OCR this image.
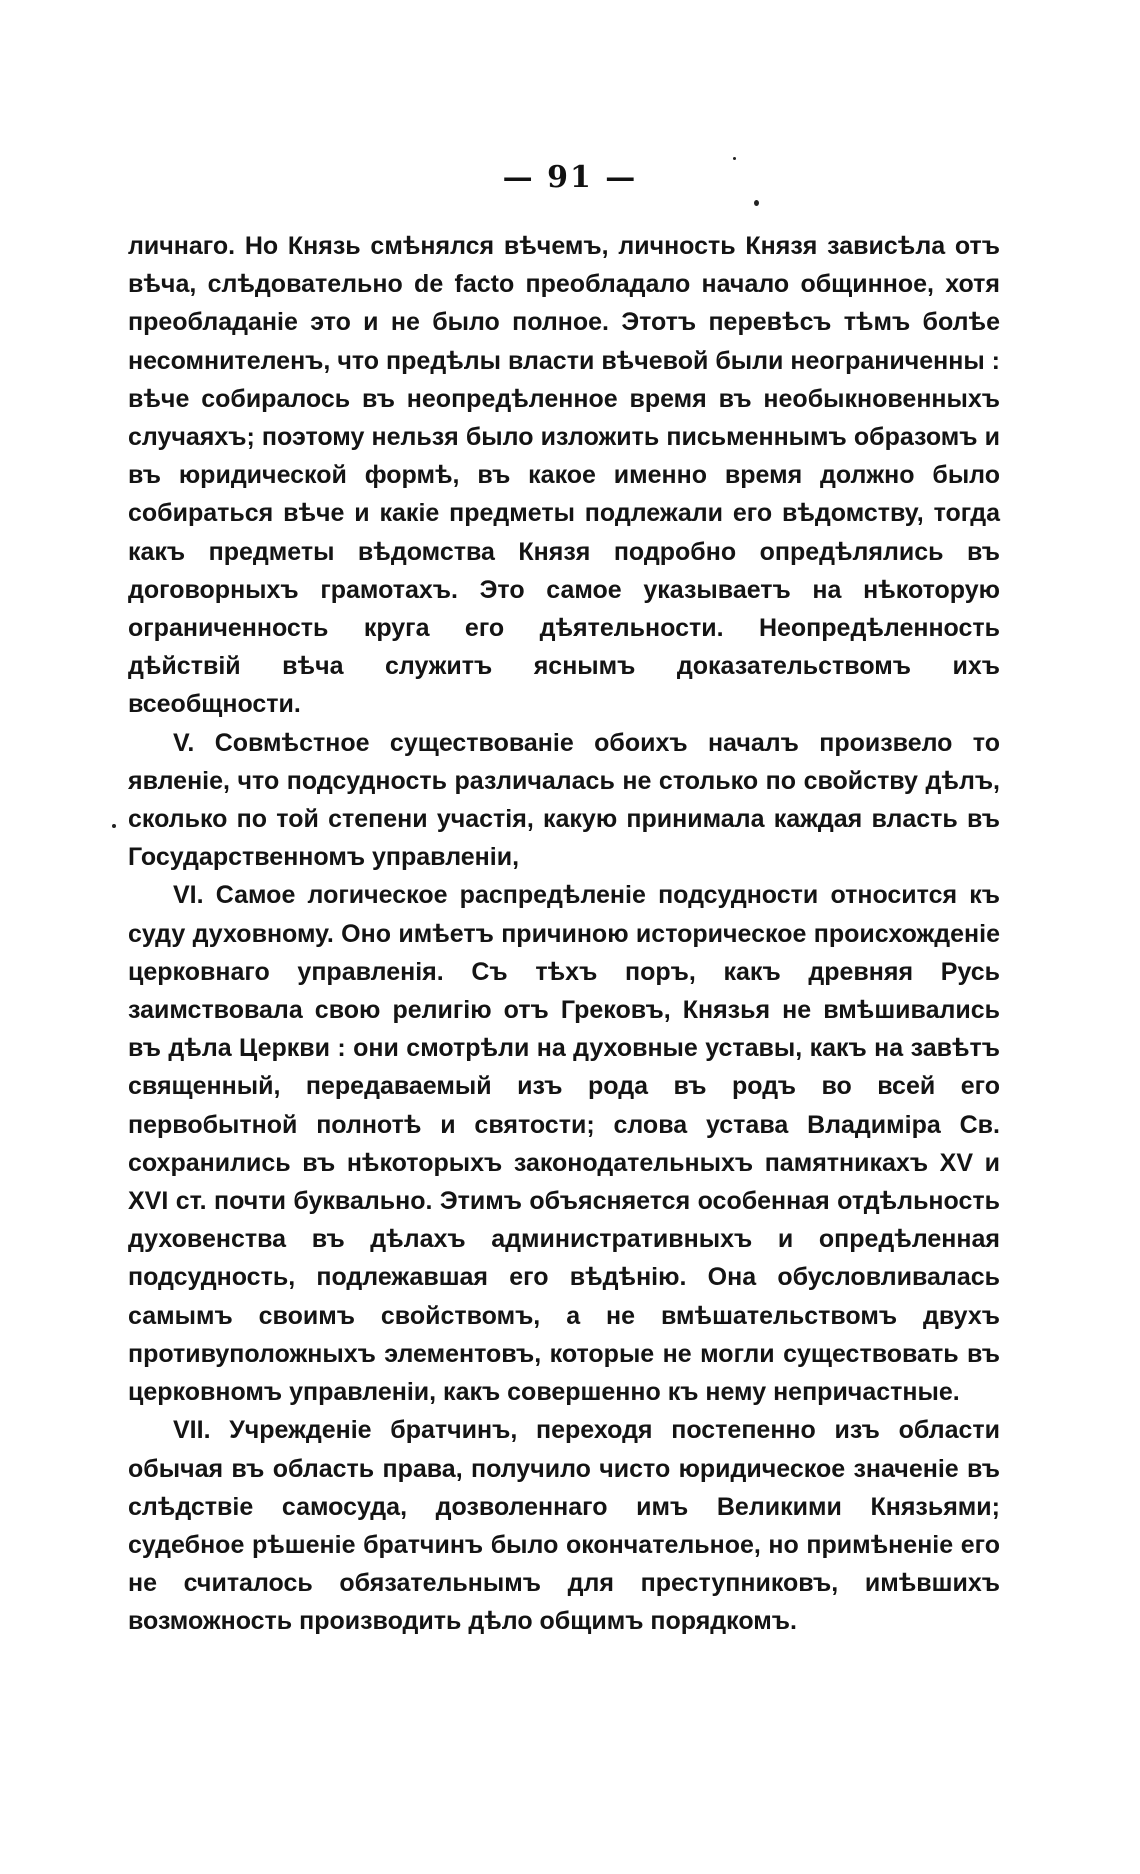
— 91 —

личнаго. Но Князь смѣнялся вѣчемъ, личность Князя зависѣла отъ вѣча, слѣдовательно de facto преобладало начало общинное, хотя преобладаніе это и не было полное. Этотъ перевѣсъ тѣмъ болѣе несомнителенъ, что предѣлы власти вѣчевой были неограниченны : вѣче собиралось въ неопредѣленное время въ необыкновенныхъ случаяхъ; поэтому нельзя было изложить письменнымъ образомъ и въ юридической формѣ, въ какое именно время должно было собираться вѣче и какіе предметы подлежали его вѣдомству, тогда какъ предметы вѣдомства Князя подробно опредѣлялись въ договорныхъ грамотахъ. Это самое указываетъ на нѣкоторую ограниченность круга его дѣятельности. Неопредѣленность дѣйствій вѣча служитъ яснымъ доказательствомъ ихъ всеобщности.

V. Совмѣстное существованіе обоихъ началъ произвело то явленіе, что подсудность различалась не столько по свойству дѣлъ, сколько по той степени участія, какую принимала каждая власть въ Государственномъ управленіи,

VI. Самое логическое распредѣленіе подсудности относится къ суду духовному. Оно имѣетъ причиною историческое происхожденіе церковнаго управленія. Съ тѣхъ поръ, какъ древняя Русь заимствовала свою религію отъ Грековъ, Князья не вмѣшивались въ дѣла Церкви : они смотрѣли на духовные уставы, какъ на завѣтъ священный, передаваемый изъ рода въ родъ во всей его первобытной полнотѣ и святости; слова устава Владиміра Св. сохранились въ нѣкоторыхъ законодательныхъ памятникахъ XV и XVI ст. почти буквально. Этимъ объясняется особенная отдѣльность духовенства въ дѣлахъ административныхъ и опредѣленная подсудность, подлежавшая его вѣдѣнію. Она обусловливалась самымъ своимъ свойствомъ, а не вмѣшательствомъ двухъ противуположныхъ элементовъ, которые не могли существовать въ церковномъ управленіи, какъ совершенно къ нему непричастные.

VII. Учрежденіе братчинъ, переходя постепенно изъ области обычая въ область права, получило чисто юридическое значеніе въ слѣдствіе самосуда, дозволеннаго имъ Великими Князьями; судебное рѣшеніе братчинъ было окончательное, но примѣненіе его не считалось обязательнымъ для преступниковъ, имѣвшихъ возможность производить дѣло общимъ порядкомъ.
